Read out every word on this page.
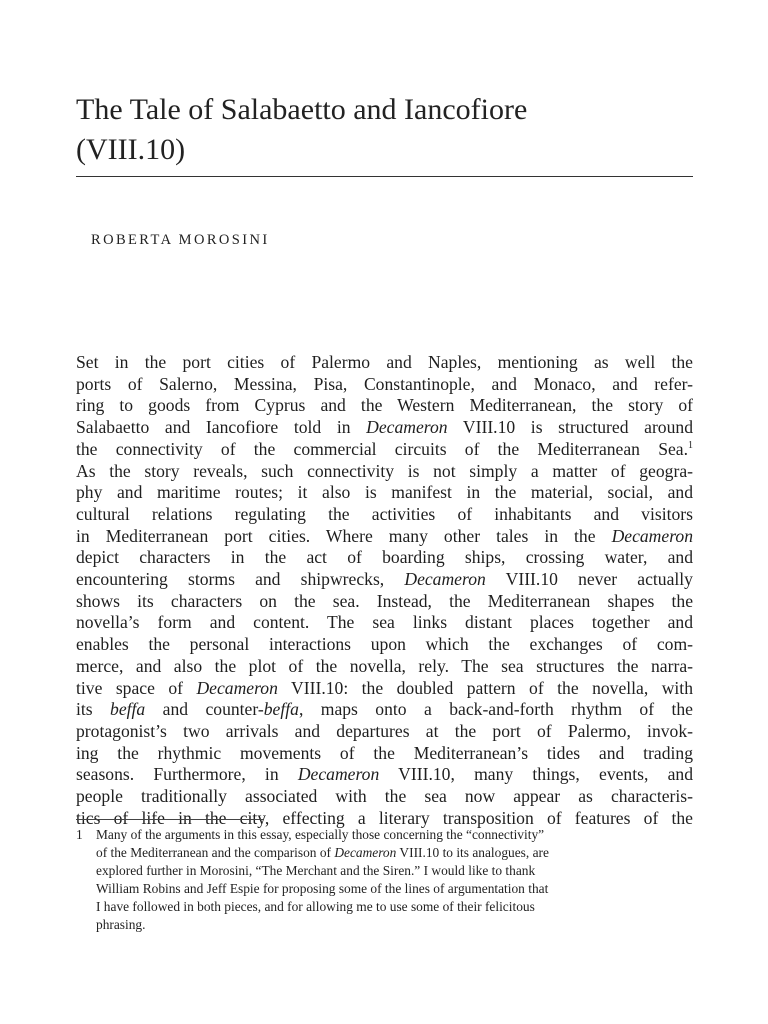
The Tale of Salabaetto and Iancofiore
(VIII.10)
ROBERTA MOROSINI
Set in the port cities of Palermo and Naples, mentioning as well the
ports of Salerno, Messina, Pisa, Constantinople, and Monaco, and refer-
ring to goods from Cyprus and the Western Mediterranean, the story of
Salabaetto and Iancofiore told in Decameron VIII.10 is structured around
the connectivity of the commercial circuits of the Mediterranean Sea.$^1$
As the story reveals, such connectivity is not simply a matter of geogra-
phy and maritime routes; it also is manifest in the material, social, and
cultural relations regulating the activities of inhabitants and visitors
in Mediterranean port cities. Where many other tales in the Decameron
depict characters in the act of boarding ships, crossing water, and
encountering storms and shipwrecks, Decameron VIII.10 never actually
shows its characters on the sea. Instead, the Mediterranean shapes the
novella’s form and content. The sea links distant places together and
enables the personal interactions upon which the exchanges of com-
merce, and also the plot of the novella, rely. The sea structures the narra-
tive space of Decameron VIII.10: the doubled pattern of the novella, with
its beffa and counter-beffa, maps onto a back-and-forth rhythm of the
protagonist’s two arrivals and departures at the port of Palermo, invok-
ing the rhythmic movements of the Mediterranean’s tides and trading
seasons. Furthermore, in Decameron VIII.10, many things, events, and
people traditionally associated with the sea now appear as characteris-
tics of life in the city, effecting a literary transposition of features of the
1 Many of the arguments in this essay, especially those concerning the “connectivity”
of the Mediterranean and the comparison of Decameron VIII.10 to its analogues, are
explored further in Morosini, “The Merchant and the Siren.” I would like to thank
William Robins and Jeff Espie for proposing some of the lines of argumentation that
I have followed in both pieces, and for allowing me to use some of their felicitous
phrasing.
